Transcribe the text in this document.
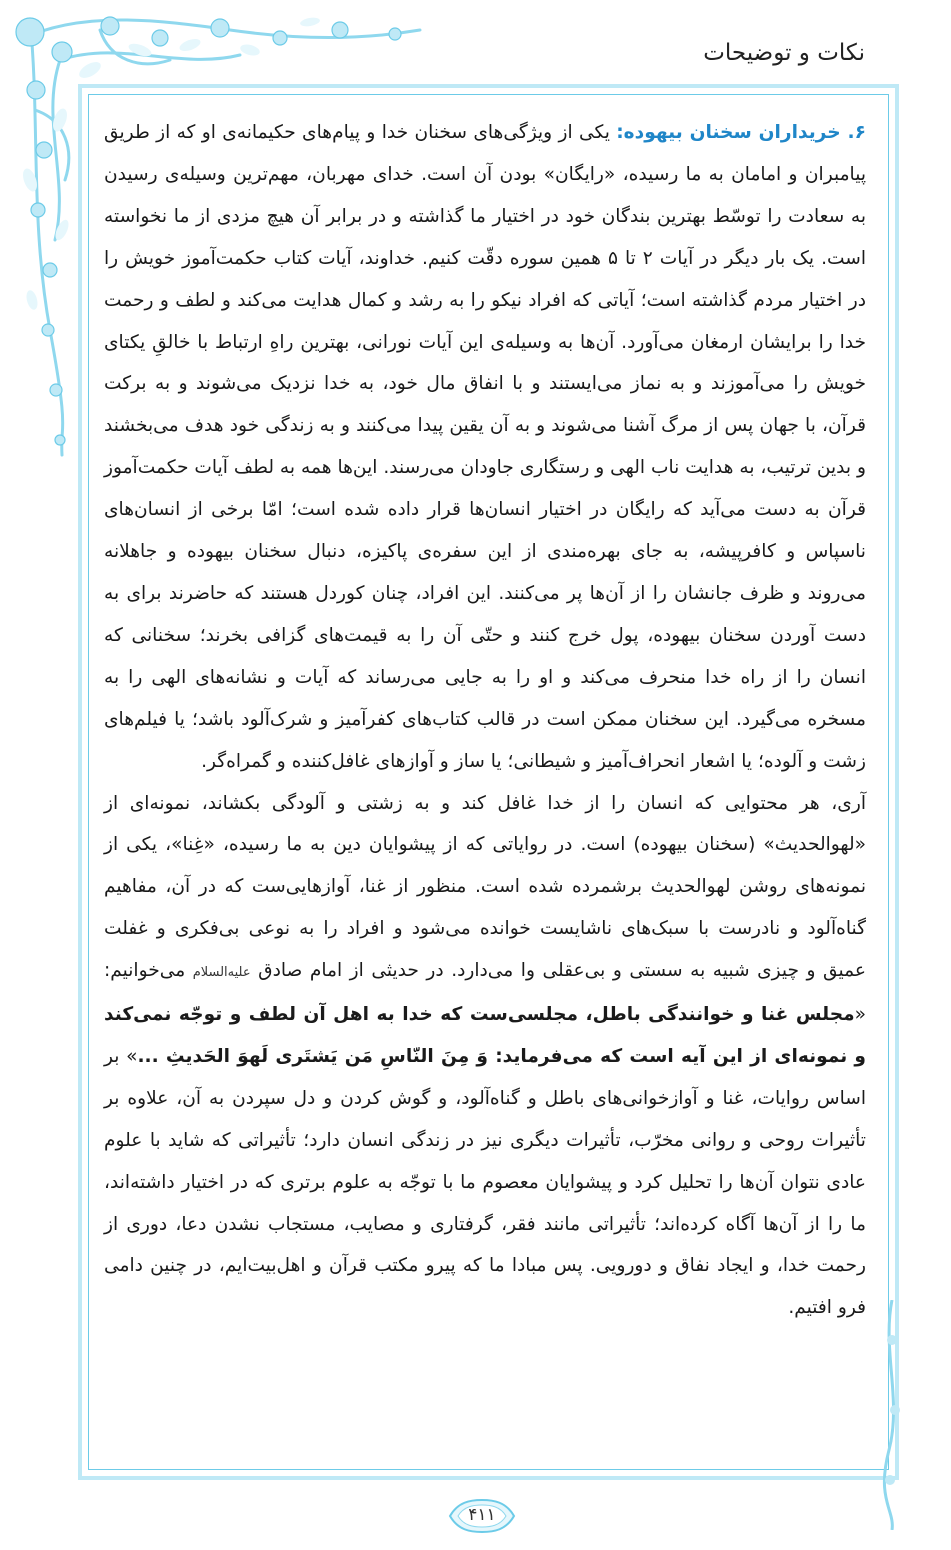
نکات و توضیحات

۶. خریداران سخنان بیهوده: یکی از ویژگی‌های سخنان خدا و پیام‌های حکیمانه‌ی او که از طریق پیامبران و امامان به ما رسیده، «رایگان» بودن آن است. خدای مهربان، مهم‌ترین وسیله‌ی رسیدن به سعادت را توسّط بهترین بندگان خود در اختیار ما گذاشته و در برابر آن هیچ مزدی از ما نخواسته است. یک بار دیگر در آیات ۲ تا ۵ همین سوره دقّت کنیم. خداوند، آیات کتاب حکمت‌آموز خویش را در اختیار مردم گذاشته است؛ آیاتی که افراد نیکو را به رشد و کمال هدایت می‌کند و لطف و رحمت خدا را برایشان ارمغان می‌آورد. آن‌ها به وسیله‌ی این آیات نورانی، بهترین راهِ ارتباط با خالقِ یکتای خویش را می‌آموزند و به نماز می‌ایستند و با انفاق مال خود، به خدا نزدیک می‌شوند و به برکت قرآن، با جهان پس از مرگ آشنا می‌شوند و به آن یقین پیدا می‌کنند و به زندگی خود هدف می‌بخشند و بدین ترتیب، به هدایت ناب الهی و رستگاری جاودان می‌رسند. این‌ها همه به لطف آیات حکمت‌آموز قرآن به دست می‌آید که رایگان در اختیار انسان‌ها قرار داده شده است؛ امّا برخی از انسان‌های ناسپاس و کافرپیشه، به جای بهره‌مندی از این سفره‌ی پاکیزه، دنبال سخنان بیهوده و جاهلانه می‌روند و ظرف جانشان را از آن‌ها پر می‌کنند. این افراد، چنان کوردل هستند که حاضرند برای به دست آوردن سخنان بیهوده، پول خرج کنند و حتّی آن را به قیمت‌های گزافی بخرند؛ سخنانی که انسان را از راه خدا منحرف می‌کند و او را به جایی می‌رساند که آیات و نشانه‌های الهی را به مسخره می‌گیرد. این سخنان ممکن است در قالب کتاب‌های کفرآمیز و شرک‌آلود باشد؛ یا فیلم‌های زشت و آلوده؛ یا اشعار انحراف‌آمیز و شیطانی؛ یا ساز و آوازهای غافل‌کننده و گمراه‌گر.

آری، هر محتوایی که انسان را از خدا غافل کند و به زشتی و آلودگی بکشاند، نمونه‌ای از «لهوالحدیث» (سخنان بیهوده) است. در روایاتی که از پیشوایان دین به ما رسیده، «غِنا»، یکی از نمونه‌های روشن لهوالحدیث برشمرده شده است. منظور از غنا، آوازهایی‌ست که در آن، مفاهیم گناه‌آلود و نادرست با سبک‌های ناشایست خوانده می‌شود و افراد را به نوعی بی‌فکری و غفلت عمیق و چیزی شبیه به سستی و بی‌عقلی وا می‌دارد. در حدیثی از امام صادق علیه‌السلام می‌خوانیم: «مجلس غنا و خوانندگی باطل، مجلسی‌ست که خدا به اهل آن لطف و توجّه نمی‌کند و نمونه‌ای از این آیه است که می‌فرماید: وَ مِنَ النّاسِ مَن یَشتَری لَهوَ الحَدیثِ ...» بر اساس روایات، غنا و آوازخوانی‌های باطل و گناه‌آلود، و گوش کردن و دل سپردن به آن، علاوه بر تأثیرات روحی و روانی مخرّب، تأثیرات دیگری نیز در زندگی انسان دارد؛ تأثیراتی که شاید با علوم عادی نتوان آن‌ها را تحلیل کرد و پیشوایان معصوم ما با توجّه به علوم برتری که در اختیار داشته‌اند، ما را از آن‌ها آگاه کرده‌اند؛ تأثیراتی مانند فقر، گرفتاری و مصایب، مستجاب نشدن دعا، دوری از رحمت خدا، و ایجاد نفاق و دورویی. پس مبادا ما که پیرو مکتب قرآن و اهل‌بیت‌ایم، در چنین دامی فرو افتیم.

۴۱۱
